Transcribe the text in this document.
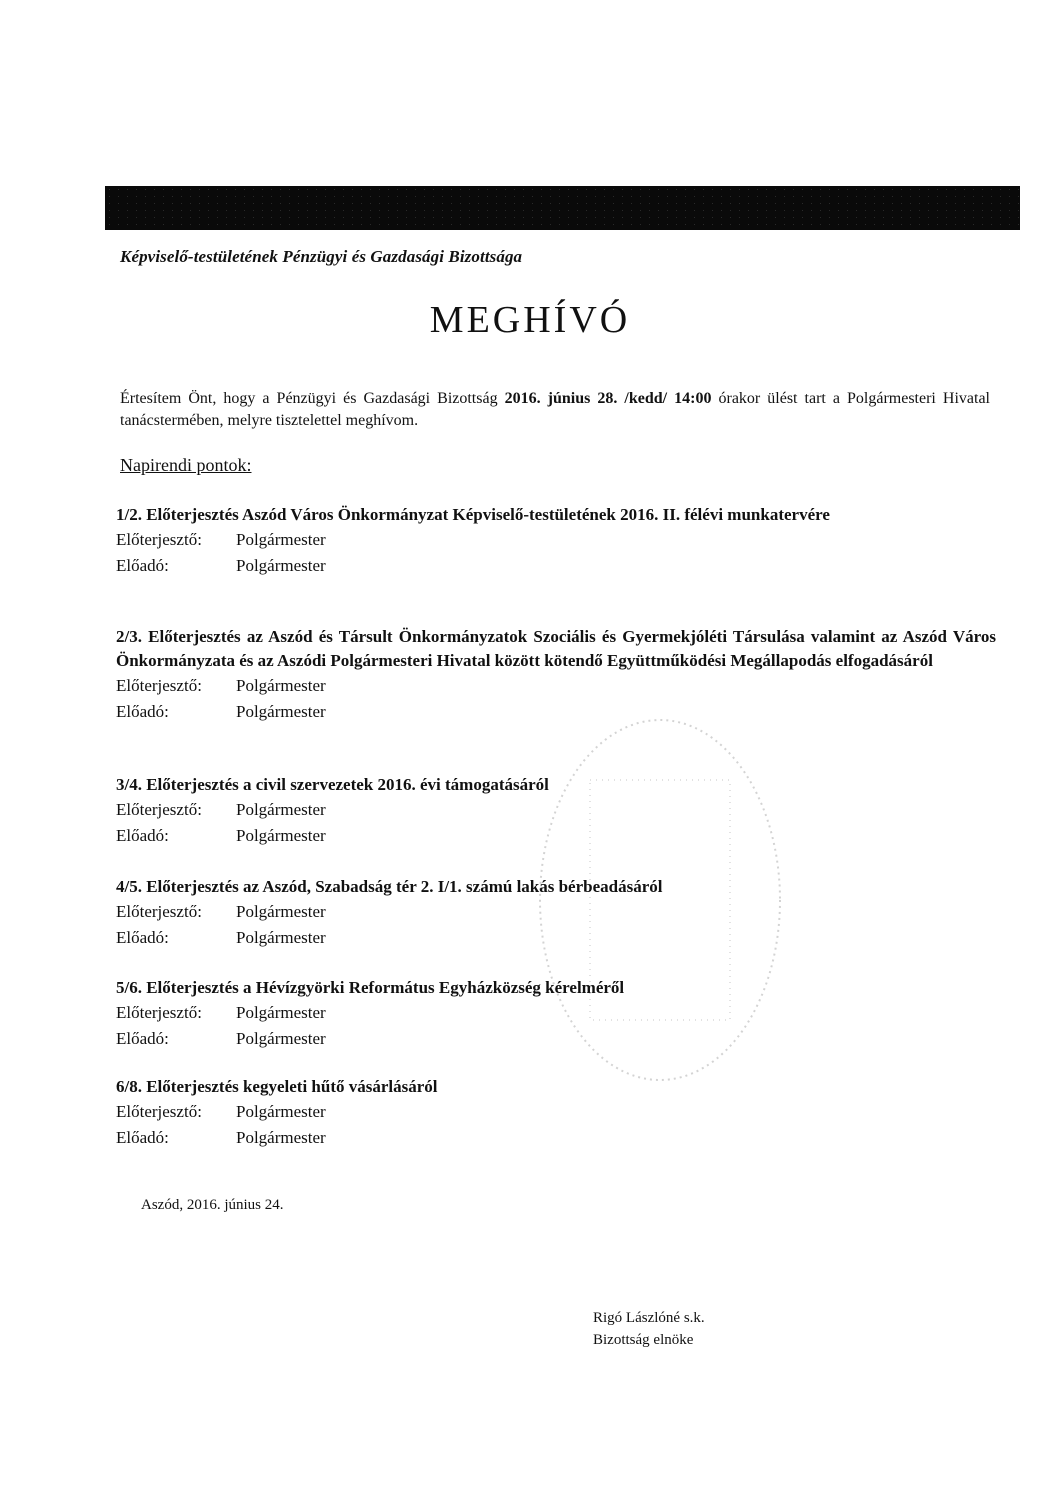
Képviselő-testületének Pénzügyi és Gazdasági Bizottsága
MEGHÍVÓ
Értesítem Önt, hogy a Pénzügyi és Gazdasági Bizottság 2016. június 28. /kedd/ 14:00 órakor ülést tart a Polgármesteri Hivatal tanácstermében, melyre tisztelettel meghívom.
Napirendi pontok:
1/2. Előterjesztés Aszód Város Önkormányzat Képviselő-testületének 2016. II. félévi munkatervére
Előterjesztő:	Polgármester
Előadó:	Polgármester
2/3. Előterjesztés az Aszód és Társult Önkormányzatok Szociális és Gyermekjóléti Társulása valamint az Aszód Város Önkormányzata és az Aszódi Polgármesteri Hivatal között kötendő Együttműködési Megállapodás elfogadásáról
Előterjesztő:	Polgármester
Előadó:	Polgármester
3/4. Előterjesztés a civil szervezetek 2016. évi támogatásáról
Előterjesztő:	Polgármester
Előadó:	Polgármester
4/5. Előterjesztés az Aszód, Szabadság tér 2. I/1. számú lakás bérbeadásáról
Előterjesztő:	Polgármester
Előadó:	Polgármester
5/6. Előterjesztés a Hévízgyörki Református Egyházközség kérelméről
Előterjesztő:	Polgármester
Előadó:	Polgármester
6/8. Előterjesztés kegyeleti hűtő vásárlásáról
Előterjesztő:	Polgármester
Előadó:	Polgármester
Aszód, 2016. június 24.
Rigó Lászlóné s.k.
Bizottság elnöke
